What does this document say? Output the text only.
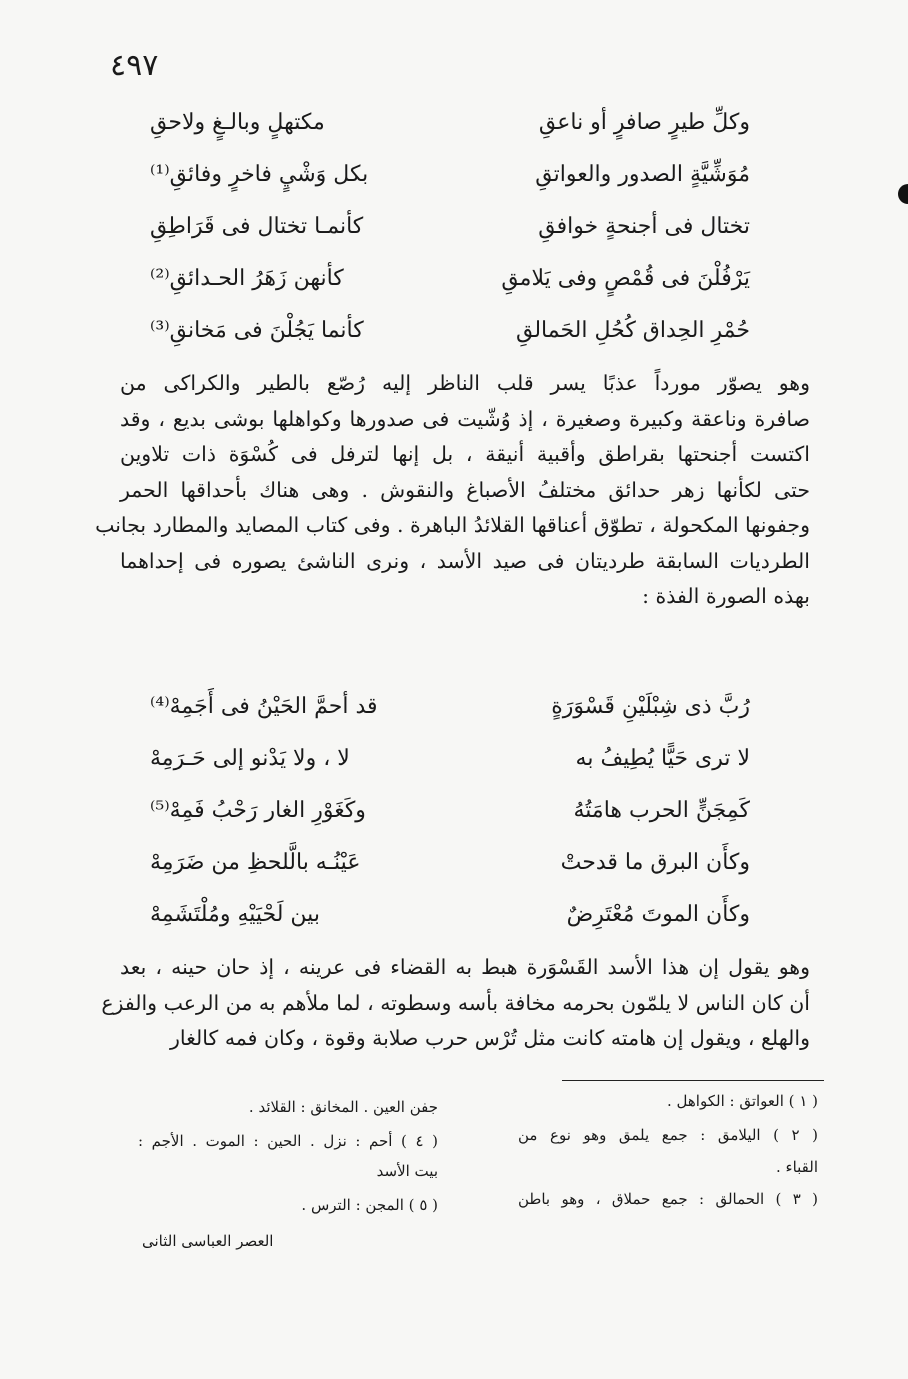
٤٩٧
وكلِّ طيرٍ صافرٍ أو ناعقِ
مكتهلٍ وبالـغٍ ولاحقِ
مُوَشِّيَّةٍ الصدور والعواتقِ
بكل وَشْيٍ فاخرٍ وفائقِ⁽¹⁾
تختال فى أجنحةٍ خوافقِ
كأنمـا تختال فى قَرَاطِقِ
يَرْفُلْنَ فى قُمْصٍ وفى يَلامقِ
كأنهن زَهَرُ الحـدائقِ⁽²⁾
حُمْرِ الحِداق كُحُلِ الحَمالقِ
كأنما يَجُلْنَ فى مَخانقِ⁽³⁾
وهو يصوّر مورداً عذبًا يسر قلب الناظر إليه رُصّع بالطير والكراكى من
صافرة وناعقة وكبيرة وصغيرة ، إذ وُشّيت فى صدورها وكواهلها بوشى بديع ، وقد
اكتست أجنحتها بقراطق وأقبية أنيقة ، بل إنها لترفل فى كُسْوَة ذات تلاوين
حتى لكأنها زهر حدائق مختلفُ الأصباغ والنقوش . وهى هناك بأحداقها الحمر
وجفونها المكحولة ، تطوّق أعناقها القلائدُ الباهرة . وفى كتاب المصايد والمطارد بجانب
الطرديات السابقة طرديتان فى صيد الأسد ، ونرى الناشئ يصوره فى إحداهما
بهذه الصورة الفذة :
رُبَّ ذى شِبْلَيْنِ قَسْوَرَةٍ
قد أحمَّ الحَيْنُ فى أَجَمِهْ⁽⁴⁾
لا ترى حَيًّا يُطِيفُ به
لا ، ولا يَدْنو إلى حَـرَمِهْ
كَمِجَنٍّ الحرب هامَتُهُ
وكَغَوْرِ الغار رَحْبُ فَمِهْ⁽⁵⁾
وكأَن البرق ما قدحتْ
عَيْنُـه بالَّلحظِ من ضَرَمِهْ
وكأَن الموتَ مُعْتَرِضٌ
بين لَحْيَيْهِ ومُلْتَشَمِهْ
وهو يقول إن هذا الأسد القَسْوَرة هبط به القضاء فى عرينه ، إذ حان حينه ، بعد
أن كان الناس لا يلمّون بحرمه مخافة بأسه وسطوته ، لما ملأهم به من الرعب والفزع
والهلع ، ويقول إن هامته كانت مثل تُرْس حرب صلابة وقوة ، وكان فمه كالغار
( ١ ) العواتق : الكواهل .
( ٢ ) اليلامق : جمع يلمق وهو نوع من
القباء .
( ٣ ) الحمالق : جمع حملاق ، وهو باطن
جفن العين . المخانق : القلائد .
( ٤ ) أحم : نزل . الحين : الموت . الأجم :
بيت الأسد
( ٥ ) المجن : الترس .
العصر العباسى الثانى
